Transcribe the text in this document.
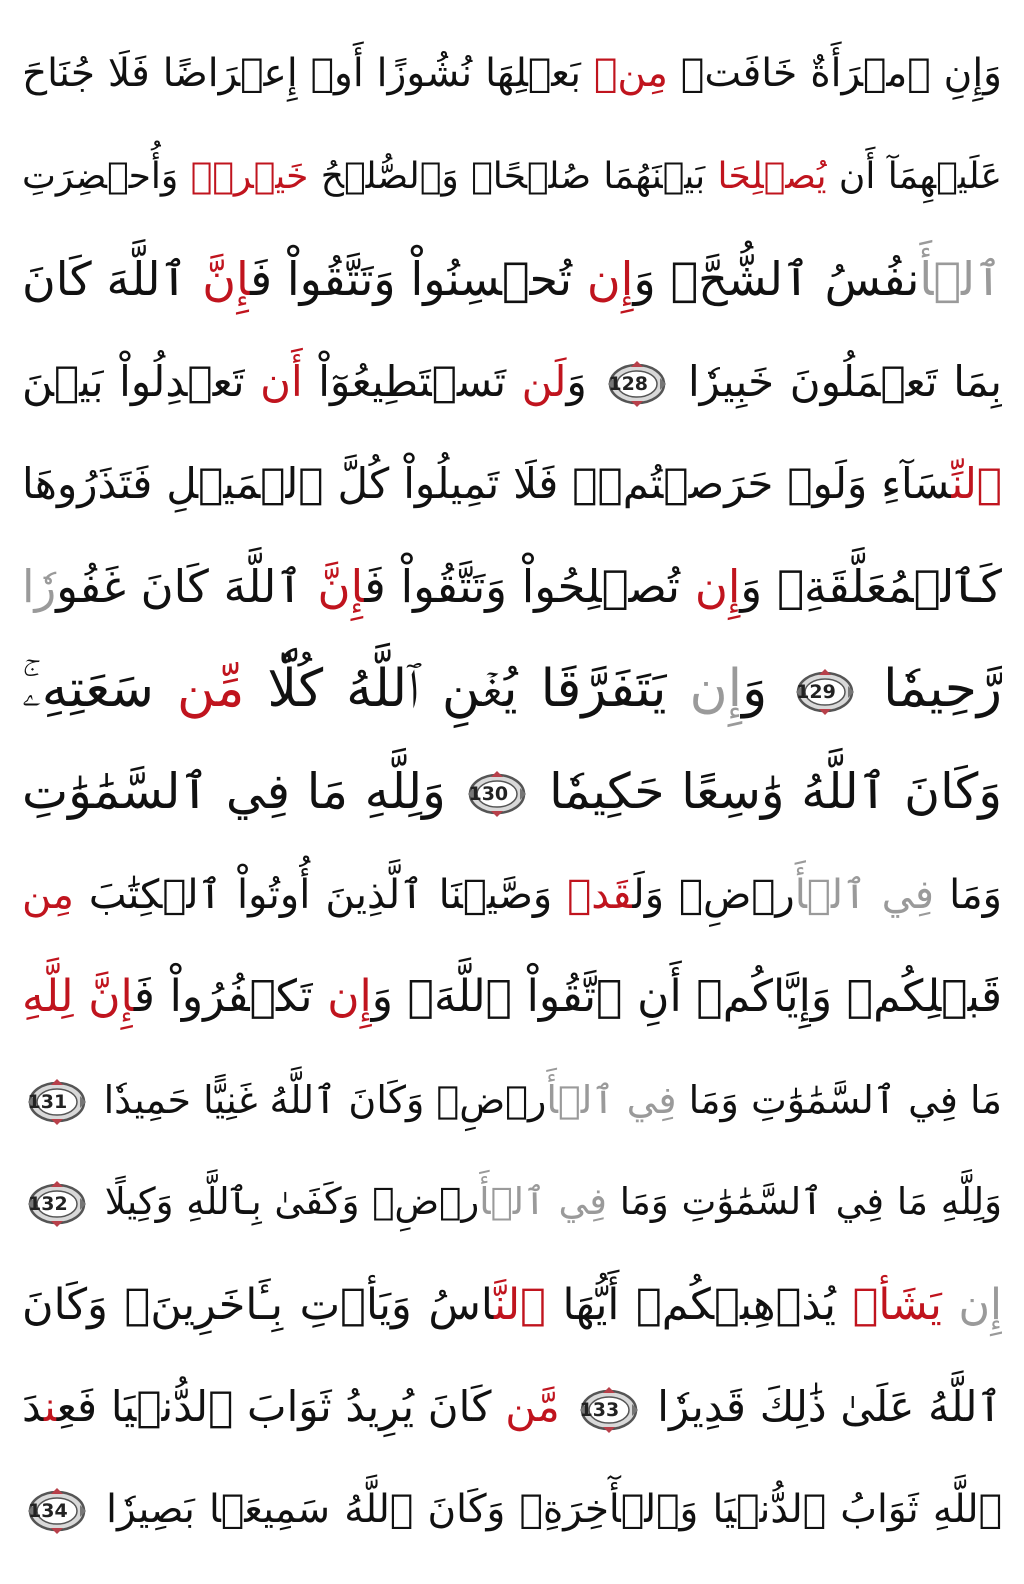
وَإِنِ ٱمۡرَأَةٌ خَافَتۡ مِنۢ بَعۡلِهَا نُشُوزًا أَوۡ إِعۡرَاضًا فَلَا جُنَاحَ
عَلَيۡهِمَآ أَن يُصۡلِحَا بَيۡنَهُمَا صُلۡحًاۚ وَٱلصُّلۡحُ خَيۡرٞۗ وَأُحۡضِرَتِ
ٱلۡأَنفُسُ ٱلشُّحَّۚ وَإِن تُحۡسِنُواْ وَتَتَّقُواْ فَإِنَّ ٱللَّهَ كَانَ
بِمَا تَعۡمَلُونَ خَبِيرٗا
128
وَلَن تَسۡتَطِيعُوٓاْ أَن تَعۡدِلُواْ بَيۡنَ
ٱلنِّسَآءِ وَلَوۡ حَرَصۡتُمۡۖ فَلَا تَمِيلُواْ كُلَّ ٱلۡمَيۡلِ فَتَذَرُوهَا
كَٱلۡمُعَلَّقَةِۚ وَإِن تُصۡلِحُواْ وَتَتَّقُواْ فَإِنَّ ٱللَّهَ كَانَ غَفُورٗا
رَّحِيمٗا
129
وَإِن يَتَفَرَّقَا يُغۡنِ ٱللَّهُ كُلّٗا مِّن سَعَتِهِۦۚ
وَكَانَ ٱللَّهُ وَٰسِعًا حَكِيمٗا
130
وَلِلَّهِ مَا فِي ٱلسَّمَٰوَٰتِ
وَمَا فِي ٱلۡأَرۡضِۗ وَلَقَدۡ وَصَّيۡنَا ٱلَّذِينَ أُوتُواْ ٱلۡكِتَٰبَ مِن
قَبۡلِكُمۡ وَإِيَّاكُمۡ أَنِ ٱتَّقُواْ ٱللَّهَۚ وَإِن تَكۡفُرُواْ فَإِنَّ لِلَّهِ
مَا فِي ٱلسَّمَٰوَٰتِ وَمَا فِي ٱلۡأَرۡضِۚ وَكَانَ ٱللَّهُ غَنِيًّا حَمِيدٗا
131
وَلِلَّهِ مَا فِي ٱلسَّمَٰوَٰتِ وَمَا فِي ٱلۡأَرۡضِۚ وَكَفَىٰ بِٱللَّهِ وَكِيلًا
132
إِن يَشَأۡ يُذۡهِبۡكُمۡ أَيُّهَا ٱلنَّاسُ وَيَأۡتِ بِـَٔاخَرِينَۚ وَكَانَ
ٱللَّهُ عَلَىٰ ذَٰلِكَ قَدِيرٗا
133
مَّن كَانَ يُرِيدُ ثَوَابَ ٱلدُّنۡيَا فَعِندَ
ٱللَّهِ ثَوَابُ ٱلدُّنۡيَا وَٱلۡأٓخِرَةِۚ وَكَانَ ٱللَّهُ سَمِيعَۢا بَصِيرٗا
134
